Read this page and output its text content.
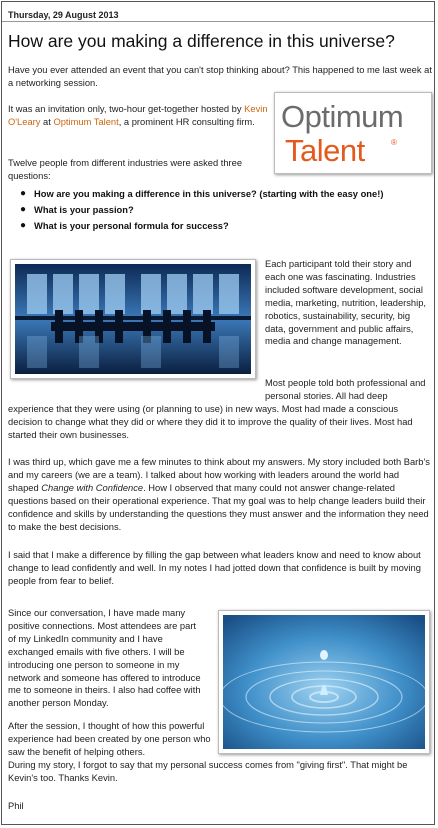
Thursday, 29 August 2013
How are you making a difference in this universe?
Have you ever attended an event that you can't stop thinking about? This happened to me last week at a networking session.
It was an invitation only, two-hour get-together hosted by Kevin O'Leary at Optimum Talent, a prominent HR consulting firm. Optimum
Talent	®
Twelve people from different industries were asked three questions:
● How are you making a difference in this universe? (starting with the easy one!)
● What is your passion?
● What is your personal formula for success?
Each participant told their story and each one was fascinating. Industries included software development, social media, marketing, nutrition, leadership, robotics, sustainability, security, big data, government and public affairs, media and change management.
Most people told both professional and personal stories. All had deep
experience that they were using (or planning to use) in new ways. Most had made a conscious decision to change what they did or where they did it to improve the quality of their lives. Most had started their own businesses.
I was third up, which gave me a few minutes to think about my answers. My story included both Barb's and my careers (we are a team). I talked about how working with leaders around the world had shaped Change with Confidence. How I observed that many could not answer change-related questions based on their operational experience. That my goal was to help change leaders build their confidence and skills by understanding the questions they must answer and the information they need to make the best decisions.
I said that I make a difference by filling the gap between what leaders know and need to know about change to lead confidently and well. In my notes I had jotted down that confidence is built by moving people from fear to belief.
Since our conversation, I have made many positive connections. Most attendees are part of my LinkedIn community and I have exchanged emails with five others. I will be introducing one person to someone in my network and someone has offered to introduce me to someone in theirs. I also had coffee with another person Monday.
After the session, I thought of how this powerful experience had been created by one person who saw the benefit of helping others.
During my story, I forgot to say that my personal success comes from "giving first". That might be Kevin's too. Thanks Kevin.
Phil
